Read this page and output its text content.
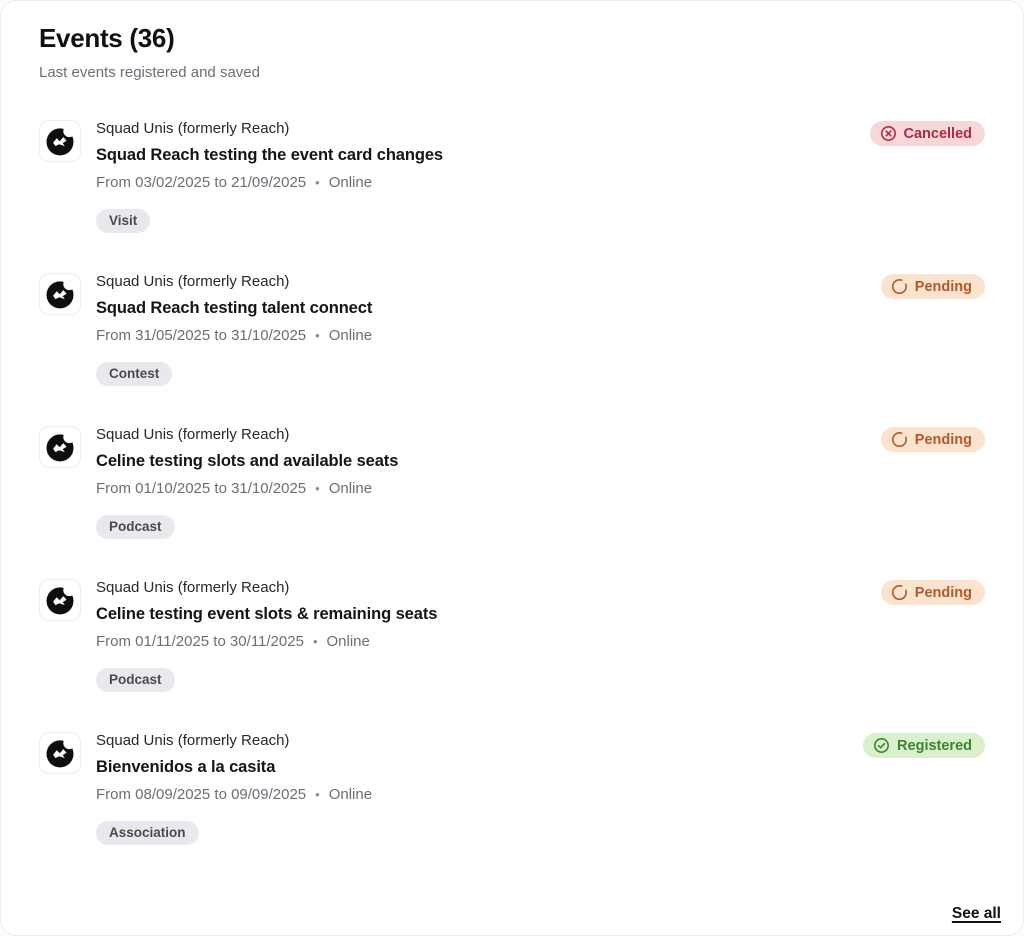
Events (36)
Last events registered and saved
Squad Unis (formerly Reach)
Squad Reach testing the event card changes
From 03/02/2025 to 21/09/2025 • Online
Visit
Cancelled
Squad Unis (formerly Reach)
Squad Reach testing talent connect
From 31/05/2025 to 31/10/2025 • Online
Contest
Pending
Squad Unis (formerly Reach)
Celine testing slots and available seats
From 01/10/2025 to 31/10/2025 • Online
Podcast
Pending
Squad Unis (formerly Reach)
Celine testing event slots & remaining seats
From 01/11/2025 to 30/11/2025 • Online
Podcast
Pending
Squad Unis (formerly Reach)
Bienvenidos a la casita
From 08/09/2025 to 09/09/2025 • Online
Association
Registered
See all
